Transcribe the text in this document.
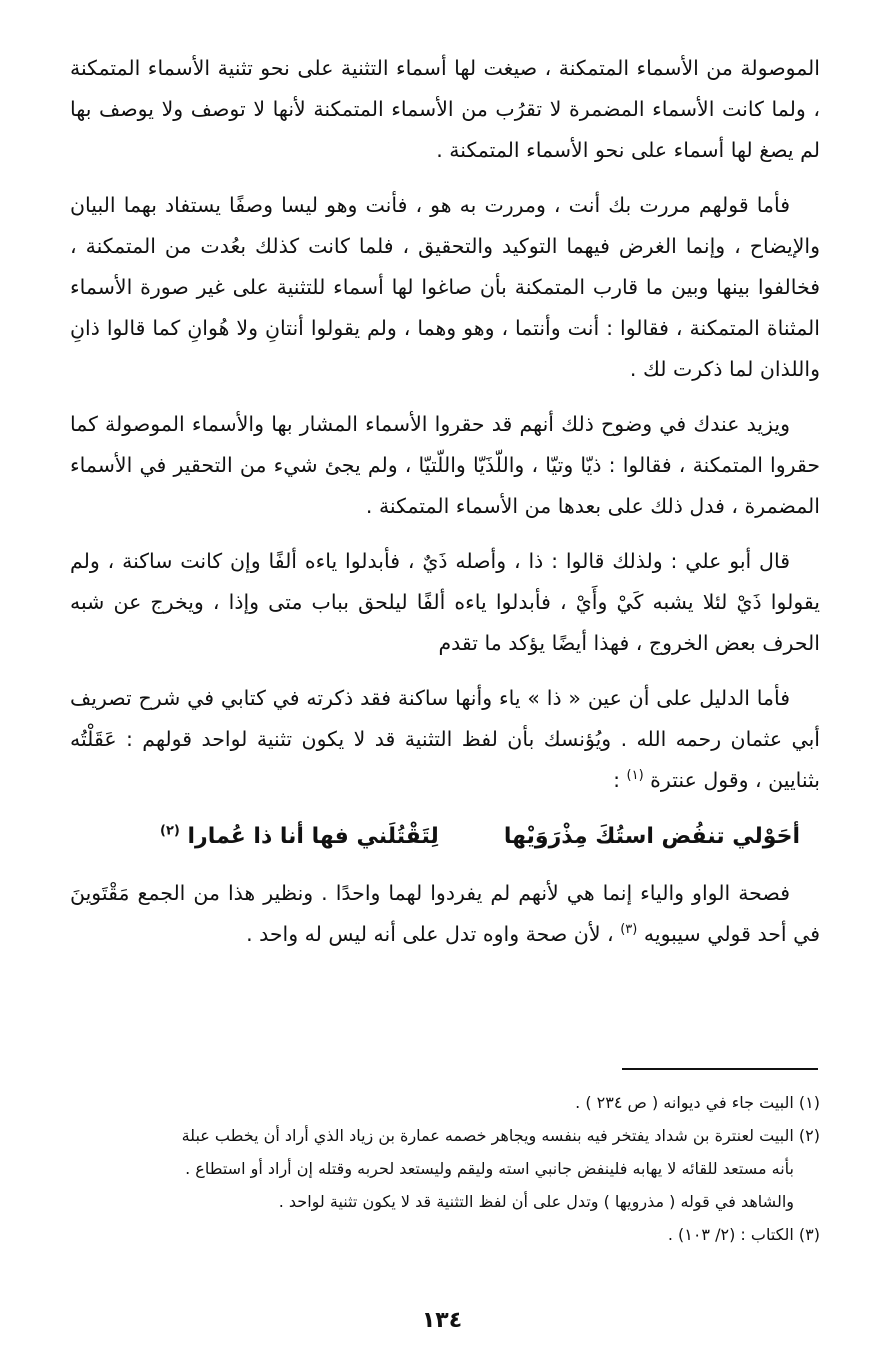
الموصولة من الأسماء المتمكنة ، صيغت لها أسماء التثنية على نحو تثنية الأسماء المتمكنة ، ولما كانت الأسماء المضمرة لا تقرُب من الأسماء المتمكنة لأنها لا توصف ولا يوصف بها لم يصغ لها أسماء على نحو الأسماء المتمكنة .

فأما قولهم مررت بك أنت ، ومررت به هو ، فأنت وهو ليسا وصفًا يستفاد بهما البيان والإيضاح ، وإنما الغرض فيهما التوكيد والتحقيق ، فلما كانت كذلك بعُدت من المتمكنة ، فخالفوا بينها وبين ما قارب المتمكنة بأن صاغوا لها أسماء للتثنية على غير صورة الأسماء المثناة المتمكنة ، فقالوا : أنت وأنتما ، وهو وهما ، ولم يقولوا أنتانِ ولا هُوانِ كما قالوا ذانِ واللذان لما ذكرت لك .

ويزيد عندك في وضوح ذلك أنهم قد حقروا الأسماء المشار بها والأسماء الموصولة كما حقروا المتمكنة ، فقالوا : ذيّا وتيّا ، واللّذَيّا واللّتيّا ، ولم يجئ شيء من التحقير في الأسماء المضمرة ، فدل ذلك على بعدها من الأسماء المتمكنة .

قال أبو علي : ولذلك قالوا : ذا ، وأصله ذَيٌ ، فأبدلوا ياءه ألفًا وإن كانت ساكنة ، ولم يقولوا ذَيْ لئلا يشبه كَيْ وأَيْ ، فأبدلوا ياءه ألفًا ليلحق بباب متى وإذا ، ويخرج عن شبه الحرف بعض الخروج ، فهذا أيضًا يؤكد ما تقدم

فأما الدليل على أن عين « ذا » ياء وأنها ساكنة فقد ذكرته في كتابي في شرح تصريف أبي عثمان رحمه الله . ويُؤنسك بأن لفظ التثنية قد لا يكون تثنية لواحد قولهم : عَقَلْتُه بثنايين ، وقول عنترة $^{(١)}$ :

أحَوْلي تنفُض استُكَ مِذْرَوَيْها
لِتَقْتُلَني فها أنا ذا عُمارا $^{(٢)}$

فصحة الواو والياء إنما هي لأنهم لم يفردوا لهما واحدًا . ونظير هذا من الجمع مَقْتَوينَ في أحد قولي سيبويه $^{(٣)}$ ، لأن صحة واوه تدل على أنه ليس له واحد .

(١) البيت جاء في ديوانه ( ص ٢٣٤ ) .

(٢) البيت لعنترة بن شداد يفتخر فيه بنفسه ويجاهر خصمه عمارة بن زياد الذي أراد أن يخطب عبلة

بأنه مستعد للقائه لا يهابه فلينفض جانبي استه وليقم وليستعد لحربه وقتله إن أراد أو استطاع .

والشاهد في قوله ( مذرويها ) وتدل على أن لفظ التثنية قد لا يكون تثنية لواحد .

(٣) الكتاب : (٢/ ١٠٣) .

١٣٤
